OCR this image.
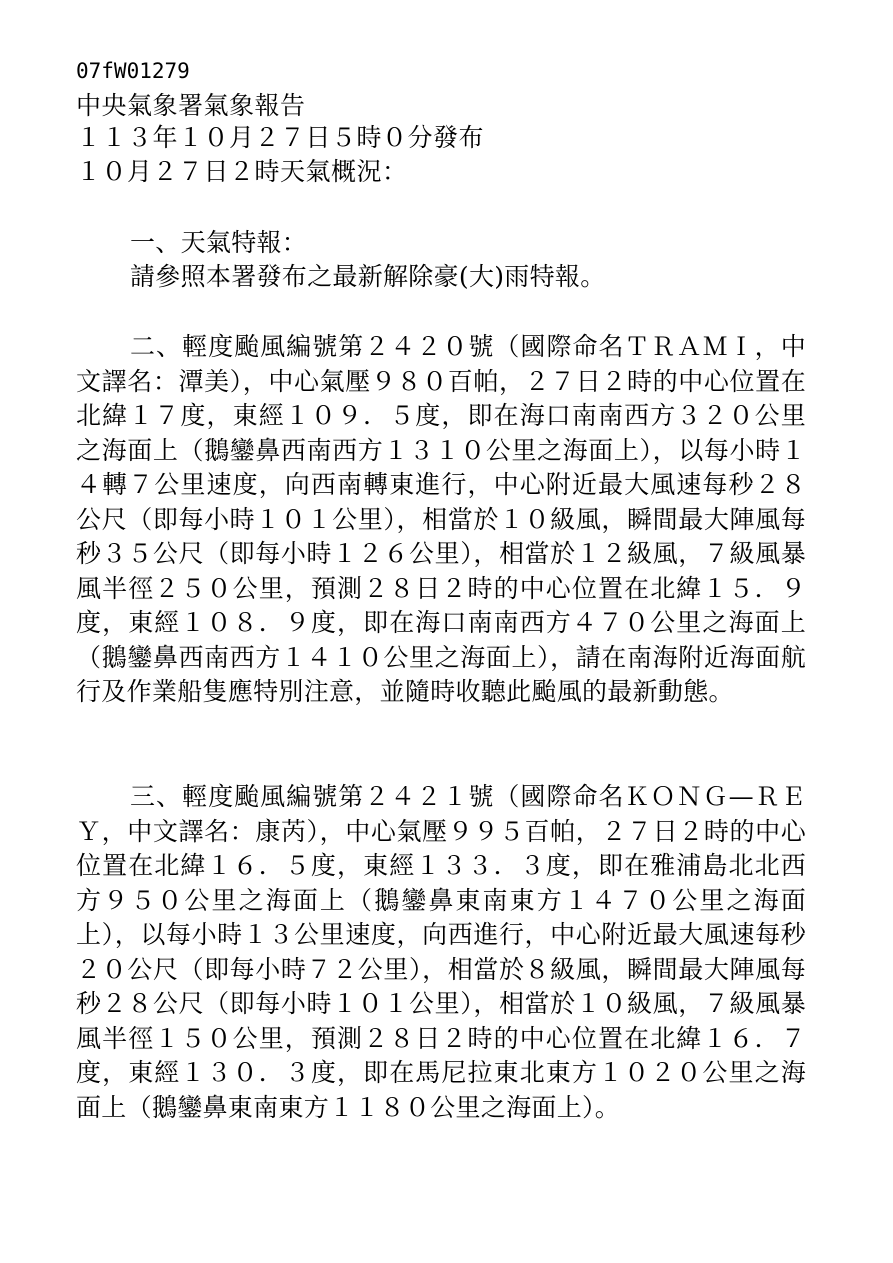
07fW01279
中央氣象署氣象報告
１１３年１０月２７日５時０分發布
１０月２７日２時天氣概況：

一、天氣特報：

請參照本署發布之最新解除豪(大)雨特報。

二、輕度颱風編號第２４２０號（國際命名ＴＲＡＭＩ，中文譯名：潭美），中心氣壓９８０百帕，２７日２時的中心位置在北緯１７度，東經１０９．５度，即在海口南南西方３２０公里之海面上（鵝鑾鼻西南西方１３１０公里之海面上），以每小時１４轉７公里速度，向西南轉東進行，中心附近最大風速每秒２８公尺（即每小時１０１公里），相當於１０級風，瞬間最大陣風每秒３５公尺（即每小時１２６公里），相當於１２級風，７級風暴風半徑２５０公里，預測２８日２時的中心位置在北緯１５．９度，東經１０８．９度，即在海口南南西方４７０公里之海面上（鵝鑾鼻西南西方１４１０公里之海面上），請在南海附近海面航行及作業船隻應特別注意，並隨時收聽此颱風的最新動態。

三、輕度颱風編號第２４２１號（國際命名ＫＯＮＧ—ＲＥＹ，中文譯名：康芮），中心氣壓９９５百帕，２７日２時的中心位置在北緯１６．５度，東經１３３．３度，即在雅浦島北北西方９５０公里之海面上（鵝鑾鼻東南東方１４７０公里之海面上），以每小時１３公里速度，向西進行，中心附近最大風速每秒２０公尺（即每小時７２公里），相當於８級風，瞬間最大陣風每秒２８公尺（即每小時１０１公里），相當於１０級風，７級風暴風半徑１５０公里，預測２８日２時的中心位置在北緯１６．７度，東經１３０．３度，即在馬尼拉東北東方１０２０公里之海面上（鵝鑾鼻東南東方１１８０公里之海面上）。
